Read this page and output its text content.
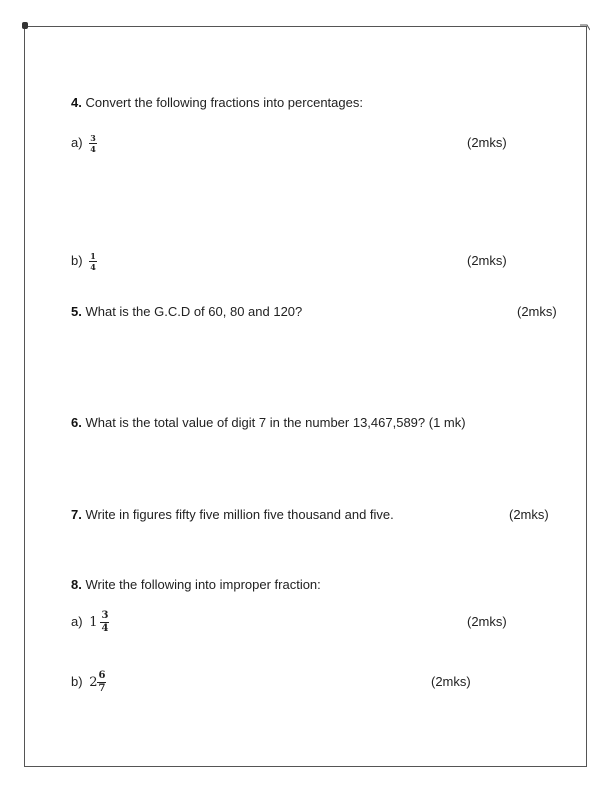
4. Convert the following fractions into percentages:
$a) \frac{3}{4}$	(2mks)
$b) \frac{1}{4}$	(2mks)
5. What is the G.C.D of 60, 80 and 120?	(2mks)
6. What is the total value of digit 7 in the number 13,467,589? (1 mk)
7. Write in figures fifty five million five thousand and five.	(2mks)
8. Write the following into improper fraction:
a) $1 \frac{3}{4}$	(2mks)
b) $2 \frac{6}{7}$	(2mks)
